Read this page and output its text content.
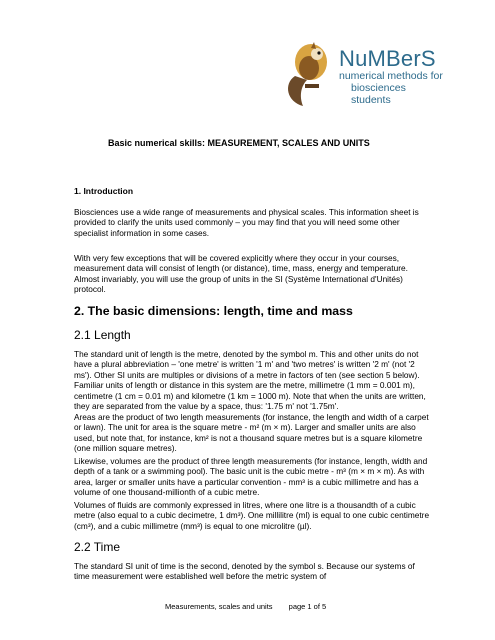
NuMBerS
numerical methods for
biosciences students
Basic numerical skills: MEASUREMENT, SCALES AND UNITS
1. Introduction

Biosciences use a wide range of measurements and physical scales. This information sheet is provided to clarify the units used commonly – you may find that you will need some other specialist information in some cases.

With very few exceptions that will be covered explicitly where they occur in your courses, measurement data will consist of length (or distance), time, mass, energy and temperature. Almost invariably, you will use the group of units in the SI (Système International d'Unités) protocol.

2. The basic dimensions: length, time and mass
2.1 Length

The standard unit of length is the metre, denoted by the symbol m. This and other units do not have a plural abbreviation – 'one metre' is written '1 m' and 'two metres' is written '2 m' (not '2 ms'). Other SI units are multiples or divisions of a metre in factors of ten (see section 5 below). Familiar units of length or distance in this system are the metre, millimetre (1 mm = 0.001 m), centimetre (1 cm = 0.01 m) and kilometre (1 km = 1000 m). Note that when the units are written, they are separated from the value by a space, thus: '1.75 m' not '1.75m'.

Areas are the product of two length measurements (for instance, the length and width of a carpet or lawn). The unit for area is the square metre - m² (m × m). Larger and smaller units are also used, but note that, for instance, km² is not a thousand square metres but is a square kilometre (one million square metres).

Likewise, volumes are the product of three length measurements (for instance, length, width and depth of a tank or a swimming pool). The basic unit is the cubic metre - m³ (m × m × m). As with area, larger or smaller units have a particular convention - mm³ is a cubic millimetre and has a volume of one thousand-millionth of a cubic metre.

Volumes of fluids are commonly expressed in litres, where one litre is a thousandth of a cubic metre (also equal to a cubic decimetre, 1 dm³). One millilitre (ml) is equal to one cubic centimetre (cm³), and a cubic millimetre (mm³) is equal to one microlitre (µl).

2.2 Time

The standard SI unit of time is the second, denoted by the symbol s. Because our systems of time measurement were established well before the metric system of

Measurements, scales and units page 1 of 5
